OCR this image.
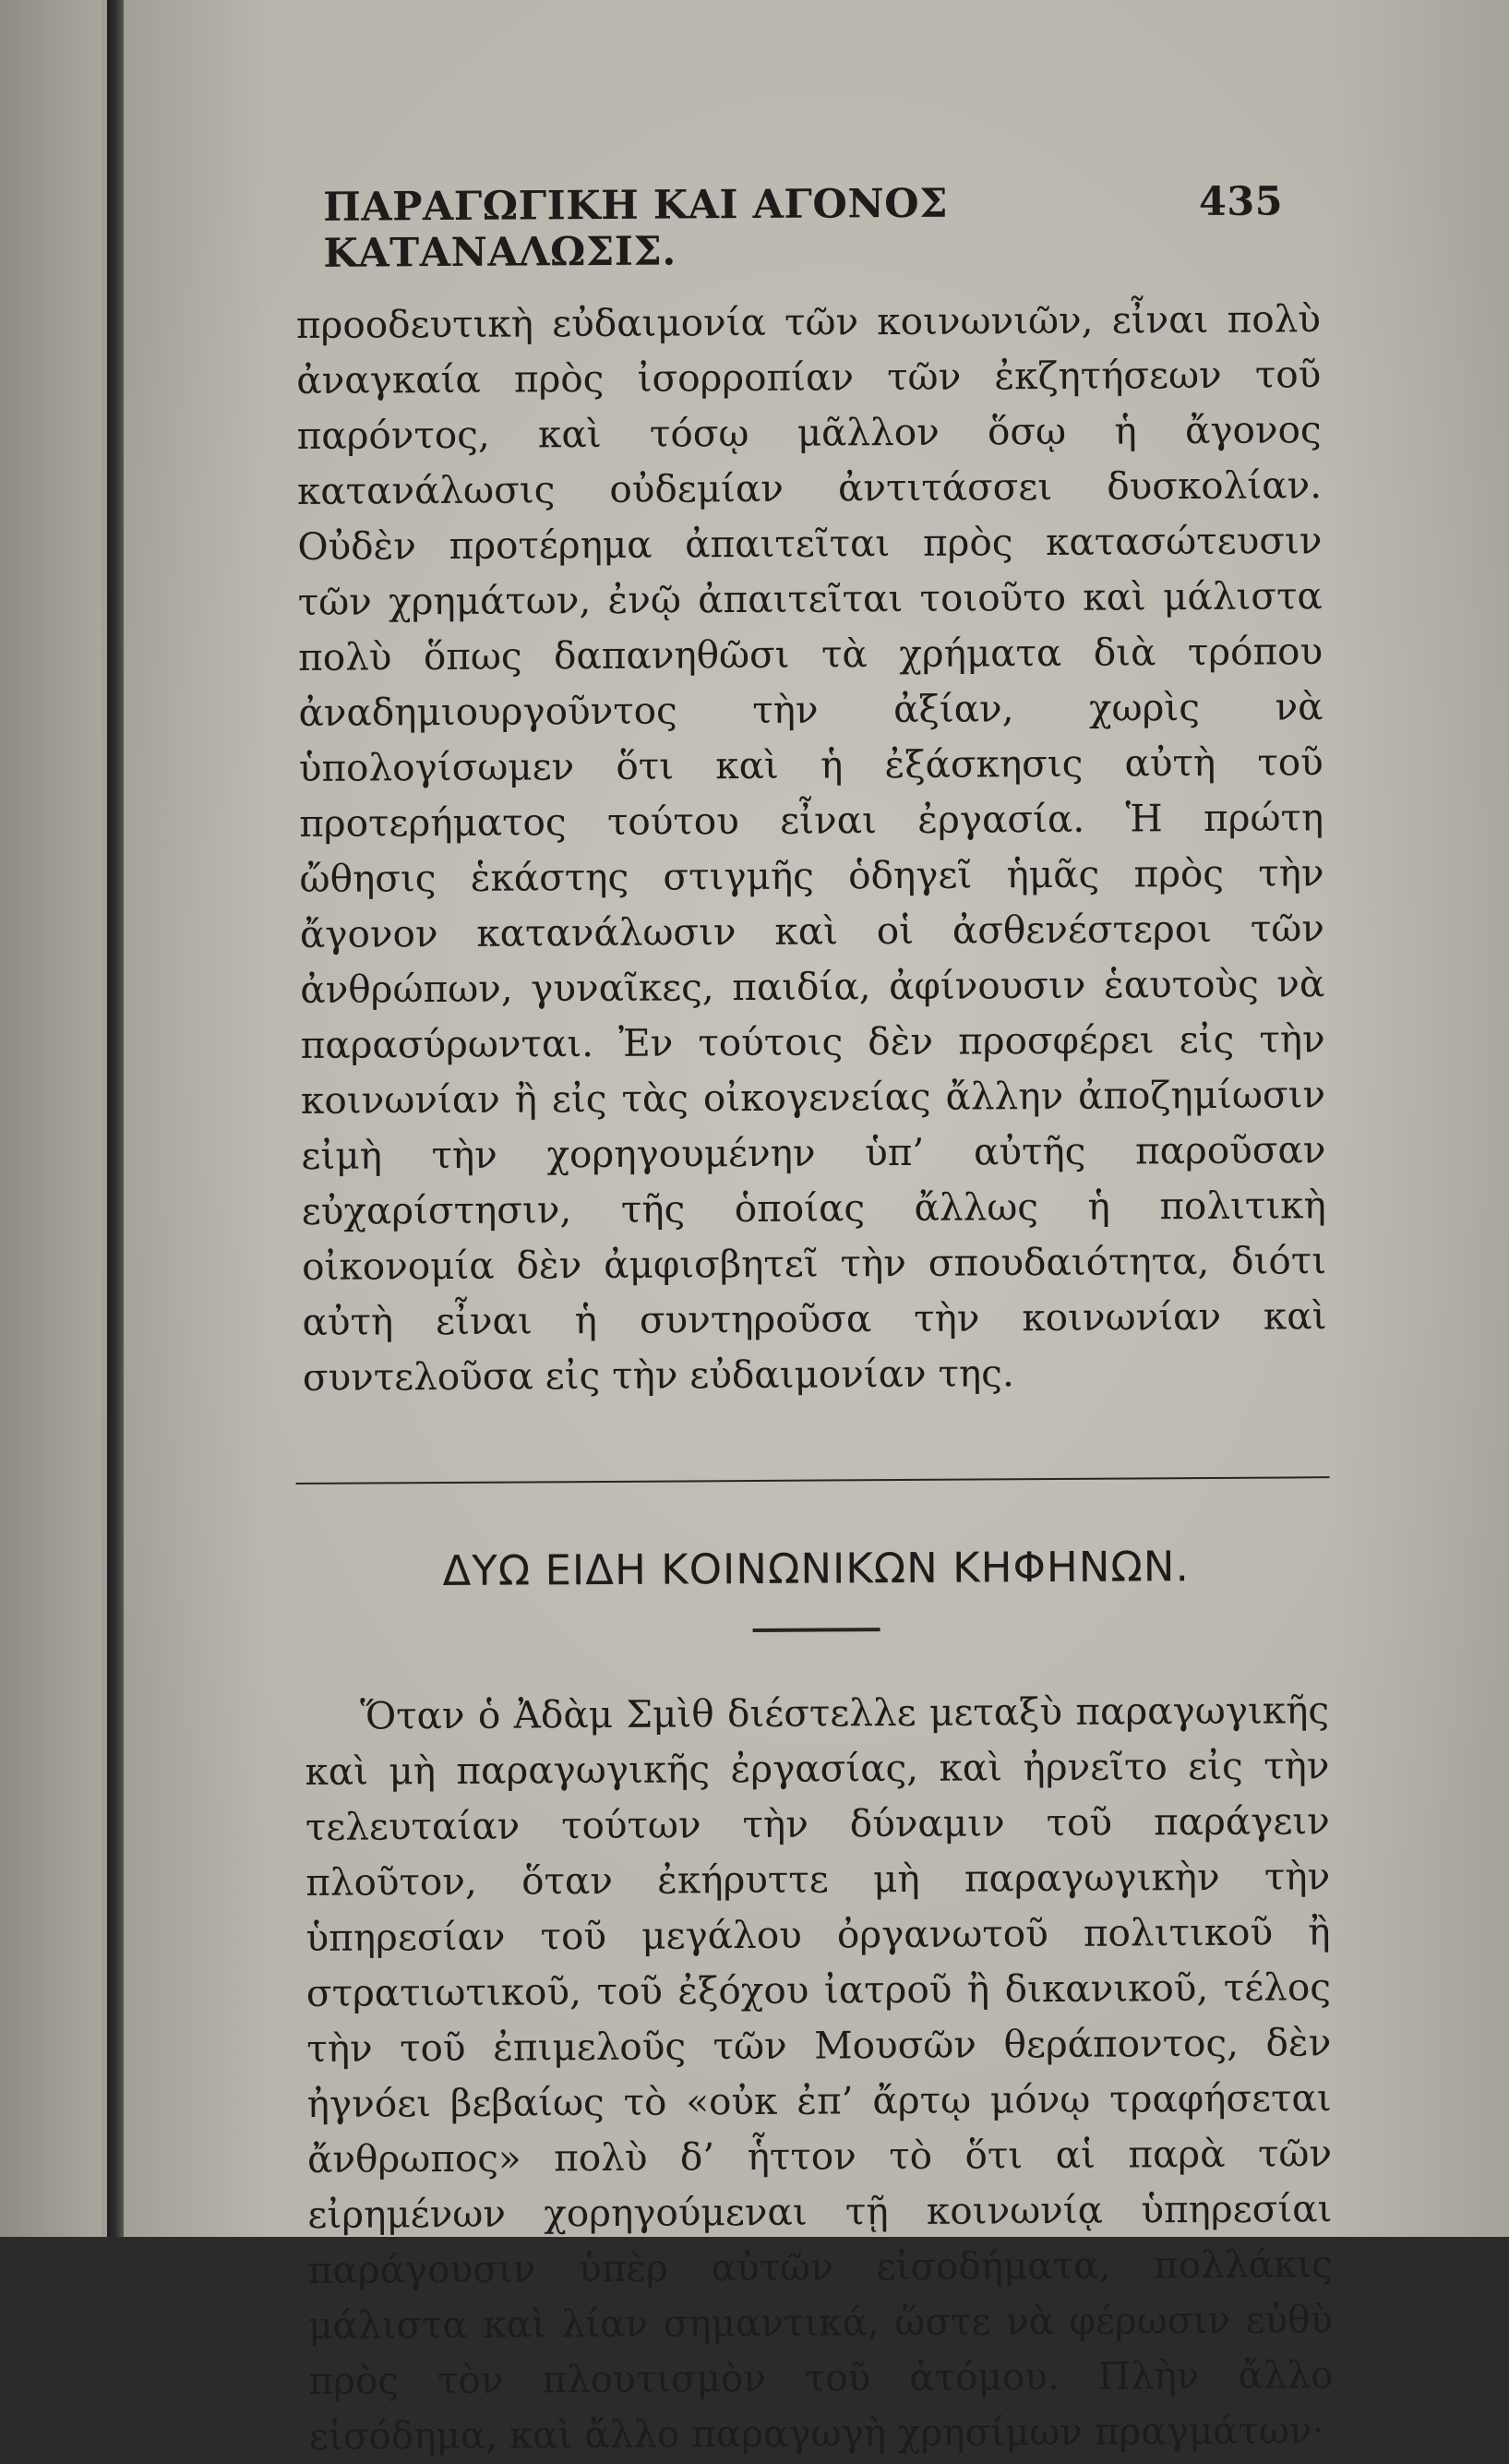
ΠΑΡΑΓΩΓΙΚΗ ΚΑΙ ΑΓΟΝΟΣ ΚΑΤΑΝΑΛΩΣΙΣ.
435

προοδευτικὴ εὐδαιμονία τῶν κοινωνιῶν, εἶναι πολὺ ἀναγκαία πρὸς ἰσορροπίαν τῶν ἐκζητήσεων τοῦ παρόντος, καὶ τόσῳ μᾶλλον ὅσῳ ἡ ἄγονος κατανάλωσις οὐδεμίαν ἀντιτάσσει δυσκολίαν. Οὐδὲν προτέρημα ἀπαιτεῖται πρὸς κατασώτευσιν τῶν χρημάτων, ἐνῷ ἀπαιτεῖται τοιοῦτο καὶ μάλιστα πολὺ ὅπως δαπανηθῶσι τὰ χρήματα διὰ τρόπου ἀναδημιουργοῦντος τὴν ἀξίαν, χωρὶς νὰ ὑπολογίσωμεν ὅτι καὶ ἡ ἐξάσκησις αὐτὴ τοῦ προτερήματος τούτου εἶναι ἐργασία. Ἡ πρώτη ὤθησις ἑκάστης στιγμῆς ὁδηγεῖ ἡμᾶς πρὸς τὴν ἄγονον κατανάλωσιν καὶ οἱ ἀσθενέστεροι τῶν ἀνθρώπων, γυναῖκες, παιδία, ἀφίνουσιν ἑαυτοὺς νὰ παρασύρωνται. Ἐν τούτοις δὲν προσφέρει εἰς τὴν κοινωνίαν ἢ εἰς τὰς οἰκογενείας ἄλλην ἀποζημίωσιν εἰμὴ τὴν χορηγουμένην ὑπ’ αὐτῆς παροῦσαν εὐχαρίστησιν, τῆς ὁποίας ἄλλως ἡ πολιτικὴ οἰκονομία δὲν ἀμφισβητεῖ τὴν σπουδαιότητα, διότι αὐτὴ εἶναι ἡ συντηροῦσα τὴν κοινωνίαν καὶ συντελοῦσα εἰς τὴν εὐδαιμονίαν της.

ΔΥΩ ΕΙΔΗ ΚΟΙΝΩΝΙΚΩΝ ΚΗΦΗΝΩΝ.

Ὅταν ὁ Ἀδὰμ Σμὶθ διέστελλε μεταξὺ παραγωγικῆς καὶ μὴ παραγωγικῆς ἐργασίας, καὶ ἠρνεῖτο εἰς τὴν τελευταίαν τούτων τὴν δύναμιν τοῦ παράγειν πλοῦτον, ὅταν ἐκήρυττε μὴ παραγωγικὴν τὴν ὑπηρεσίαν τοῦ μεγάλου ὀργανωτοῦ πολιτικοῦ ἢ στρατιωτικοῦ, τοῦ ἐξόχου ἰατροῦ ἢ δικανικοῦ, τέλος τὴν τοῦ ἐπιμελοῦς τῶν Μουσῶν θεράποντος, δὲν ἠγνόει βεβαίως τὸ «οὐκ ἐπ’ ἄρτῳ μόνῳ τραφήσεται ἄνθρωπος» πολὺ δ’ ἧττον τὸ ὅτι αἱ παρὰ τῶν εἰρημένων χορηγούμεναι τῇ κοινωνίᾳ ὑπηρεσίαι παράγουσιν ὑπὲρ αὐτῶν εἰσοδήματα, πολλάκις μάλιστα καὶ λίαν σημαντικά, ὥστε νὰ φέρωσιν εὐθὺ πρὸς τὸν πλουτισμὸν τοῦ ἀτόμου. Πλὴν ἄλλο εἰσόδημα, καὶ ἄλλο παραγωγὴ χρησίμων πραγμάτων·
